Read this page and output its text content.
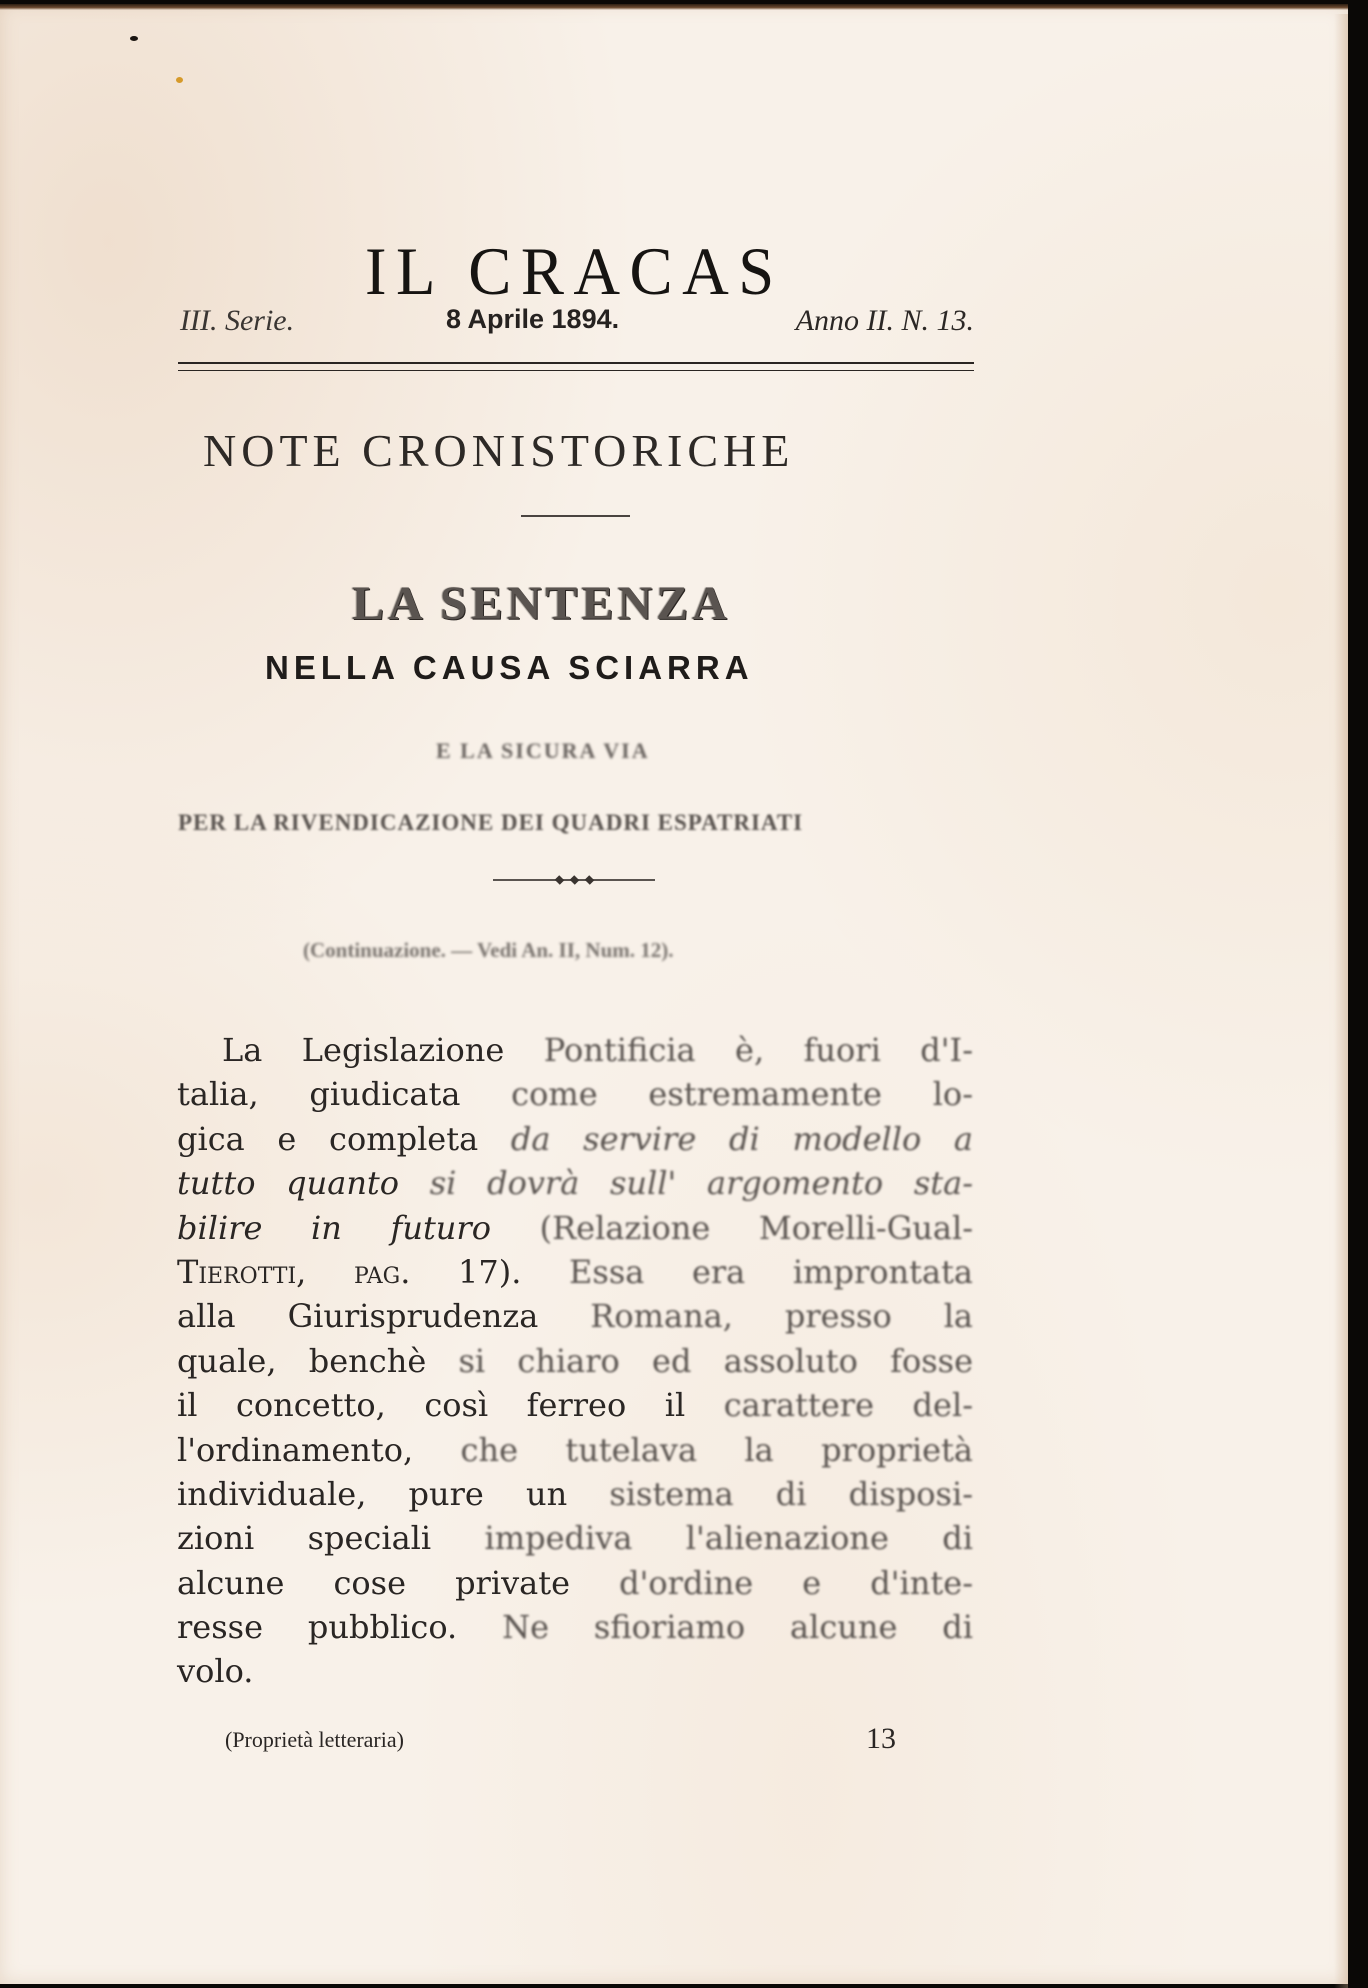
IL CRACAS
III. Serie.	8 Aprile 1894.	Anno II. N. 13.
NOTE CRONISTORICHE
LA SENTENZA
NELLA CAUSA SCIARRA
E LA SICURA VIA
PER LA RIVENDICAZIONE DEI QUADRI ESPATRIATI
(Continuazione. — Vedi An. II, Num. 12).
La Legislazione Pontificia è, fuori d'I-
talia, giudicata come estremamente lo-
gica e completa da servire di modello a
tutto quanto si dovrà sull' argomento sta-
bilire in futuro (Relazione Morelli-Gual-
Tierotti, pag. 17). Essa era improntata
alla Giurisprudenza Romana, presso la
quale, benchè si chiaro ed assoluto fosse
il concetto, così ferreo il carattere del-
l'ordinamento, che tutelava la proprietà
individuale, pure un sistema di disposi-
zioni speciali impediva l'alienazione di
alcune cose private d'ordine e d'inte-
resse pubblico. Ne sfioriamo alcune di
volo.
(Proprietà letteraria)	13
